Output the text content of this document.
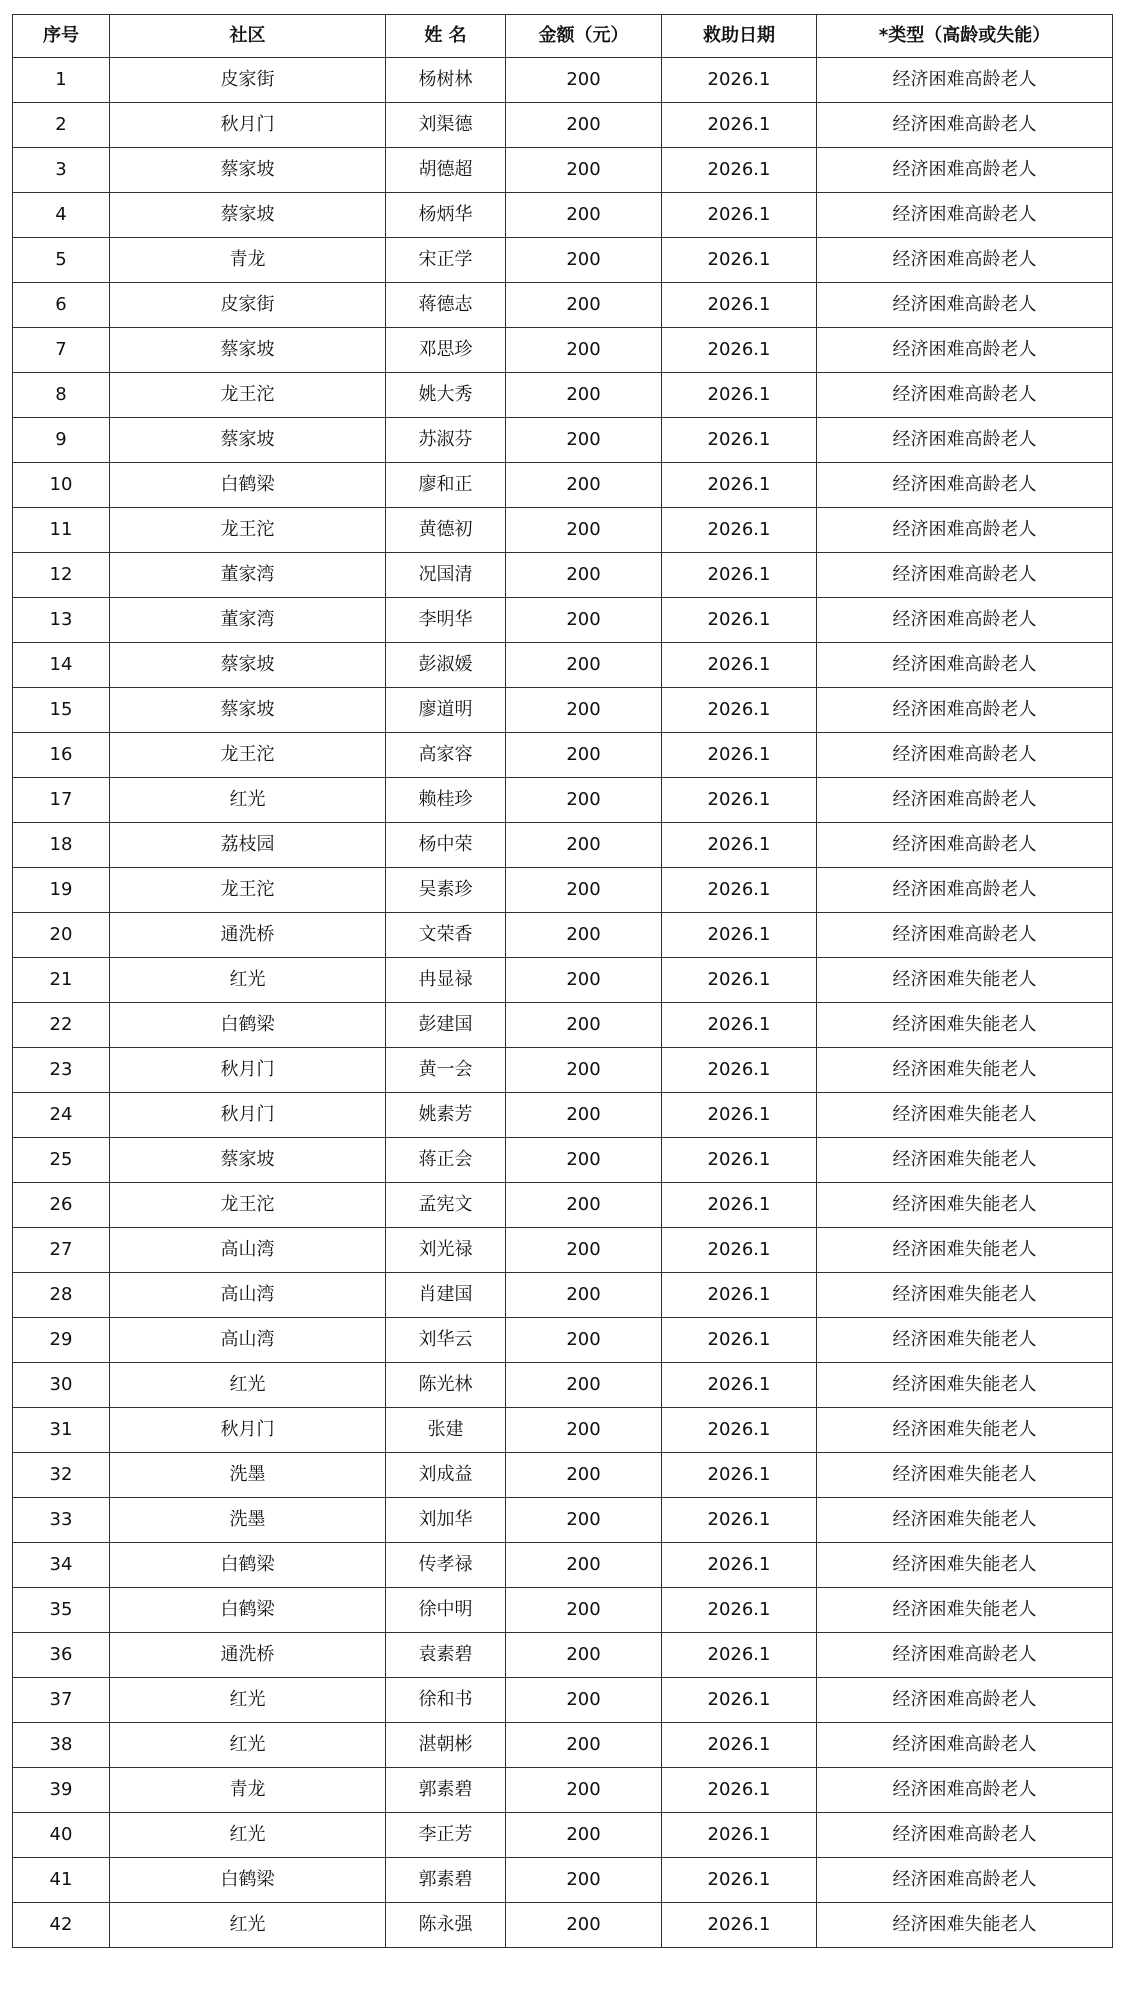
序号	社区	姓 名	金额（元）	救助日期	*类型（高龄或失能）
1	皮家街	杨树林	200	2026.1	经济困难高龄老人
2	秋月门	刘渠德	200	2026.1	经济困难高龄老人
3	蔡家坡	胡德超	200	2026.1	经济困难高龄老人
4	蔡家坡	杨炳华	200	2026.1	经济困难高龄老人
5	青龙	宋正学	200	2026.1	经济困难高龄老人
6	皮家街	蒋德志	200	2026.1	经济困难高龄老人
7	蔡家坡	邓思珍	200	2026.1	经济困难高龄老人
8	龙王沱	姚大秀	200	2026.1	经济困难高龄老人
9	蔡家坡	苏淑芬	200	2026.1	经济困难高龄老人
10	白鹤梁	廖和正	200	2026.1	经济困难高龄老人
11	龙王沱	黄德初	200	2026.1	经济困难高龄老人
12	董家湾	况国清	200	2026.1	经济困难高龄老人
13	董家湾	李明华	200	2026.1	经济困难高龄老人
14	蔡家坡	彭淑媛	200	2026.1	经济困难高龄老人
15	蔡家坡	廖道明	200	2026.1	经济困难高龄老人
16	龙王沱	高家容	200	2026.1	经济困难高龄老人
17	红光	赖桂珍	200	2026.1	经济困难高龄老人
18	荔枝园	杨中荣	200	2026.1	经济困难高龄老人
19	龙王沱	吴素珍	200	2026.1	经济困难高龄老人
20	通洗桥	文荣香	200	2026.1	经济困难高龄老人
21	红光	冉显禄	200	2026.1	经济困难失能老人
22	白鹤梁	彭建国	200	2026.1	经济困难失能老人
23	秋月门	黄一会	200	2026.1	经济困难失能老人
24	秋月门	姚素芳	200	2026.1	经济困难失能老人
25	蔡家坡	蒋正会	200	2026.1	经济困难失能老人
26	龙王沱	孟宪文	200	2026.1	经济困难失能老人
27	高山湾	刘光禄	200	2026.1	经济困难失能老人
28	高山湾	肖建国	200	2026.1	经济困难失能老人
29	高山湾	刘华云	200	2026.1	经济困难失能老人
30	红光	陈光林	200	2026.1	经济困难失能老人
31	秋月门	张建	200	2026.1	经济困难失能老人
32	洗墨	刘成益	200	2026.1	经济困难失能老人
33	洗墨	刘加华	200	2026.1	经济困难失能老人
34	白鹤梁	传孝禄	200	2026.1	经济困难失能老人
35	白鹤梁	徐中明	200	2026.1	经济困难失能老人
36	通洗桥	袁素碧	200	2026.1	经济困难高龄老人
37	红光	徐和书	200	2026.1	经济困难高龄老人
38	红光	湛朝彬	200	2026.1	经济困难高龄老人
39	青龙	郭素碧	200	2026.1	经济困难高龄老人
40	红光	李正芳	200	2026.1	经济困难高龄老人
41	白鹤梁	郭素碧	200	2026.1	经济困难高龄老人
42	红光	陈永强	200	2026.1	经济困难失能老人
